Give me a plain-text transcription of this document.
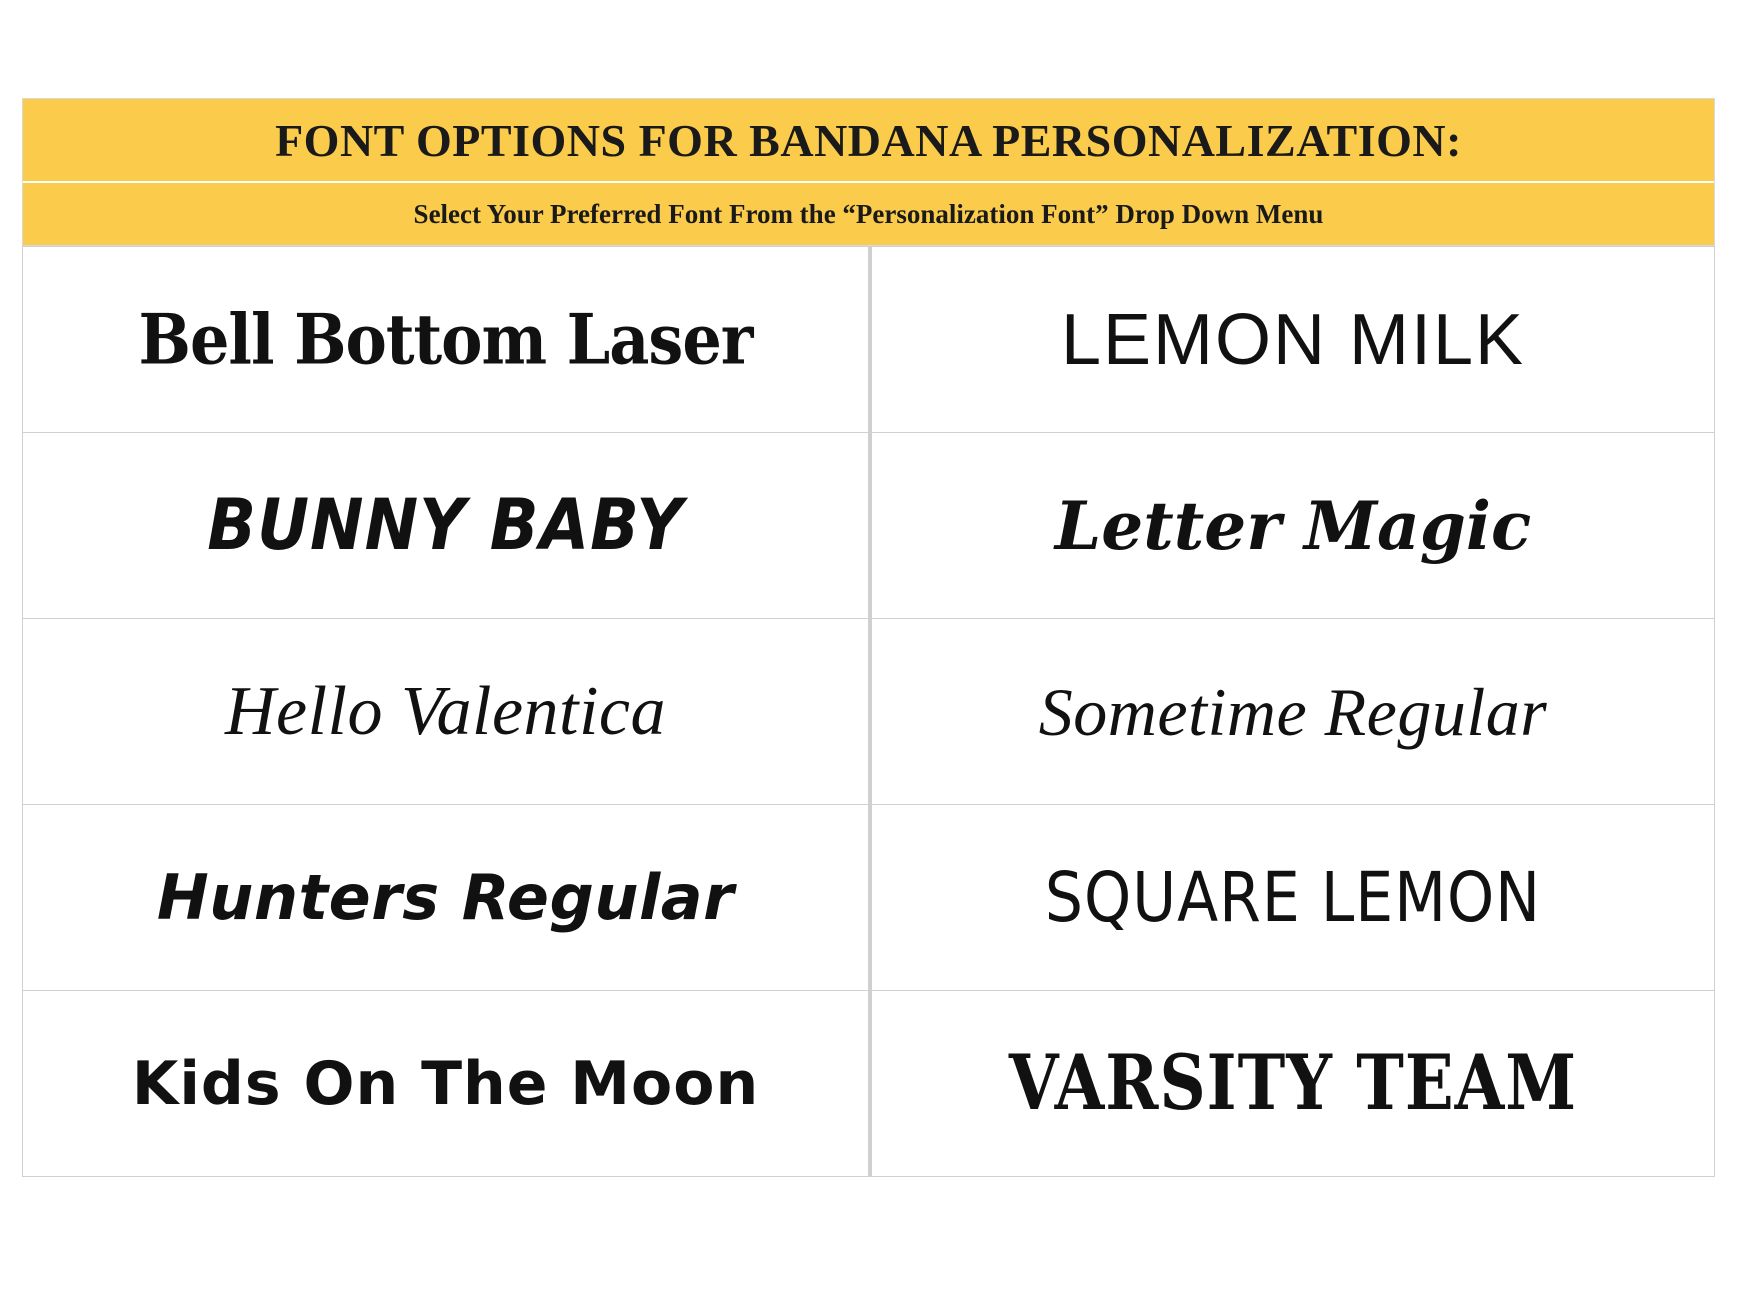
FONT OPTIONS FOR BANDANA PERSONALIZATION:
Select Your Preferred Font From the “Personalization Font” Drop Down Menu
Bell Bottom Laser	LEMON MILK
BUNNY BABY	Letter Magic
Hello Valentica	Sometime Regular
Hunters Regular	SQUARE LEMON
Kids On The Moon	VARSITY TEAM
